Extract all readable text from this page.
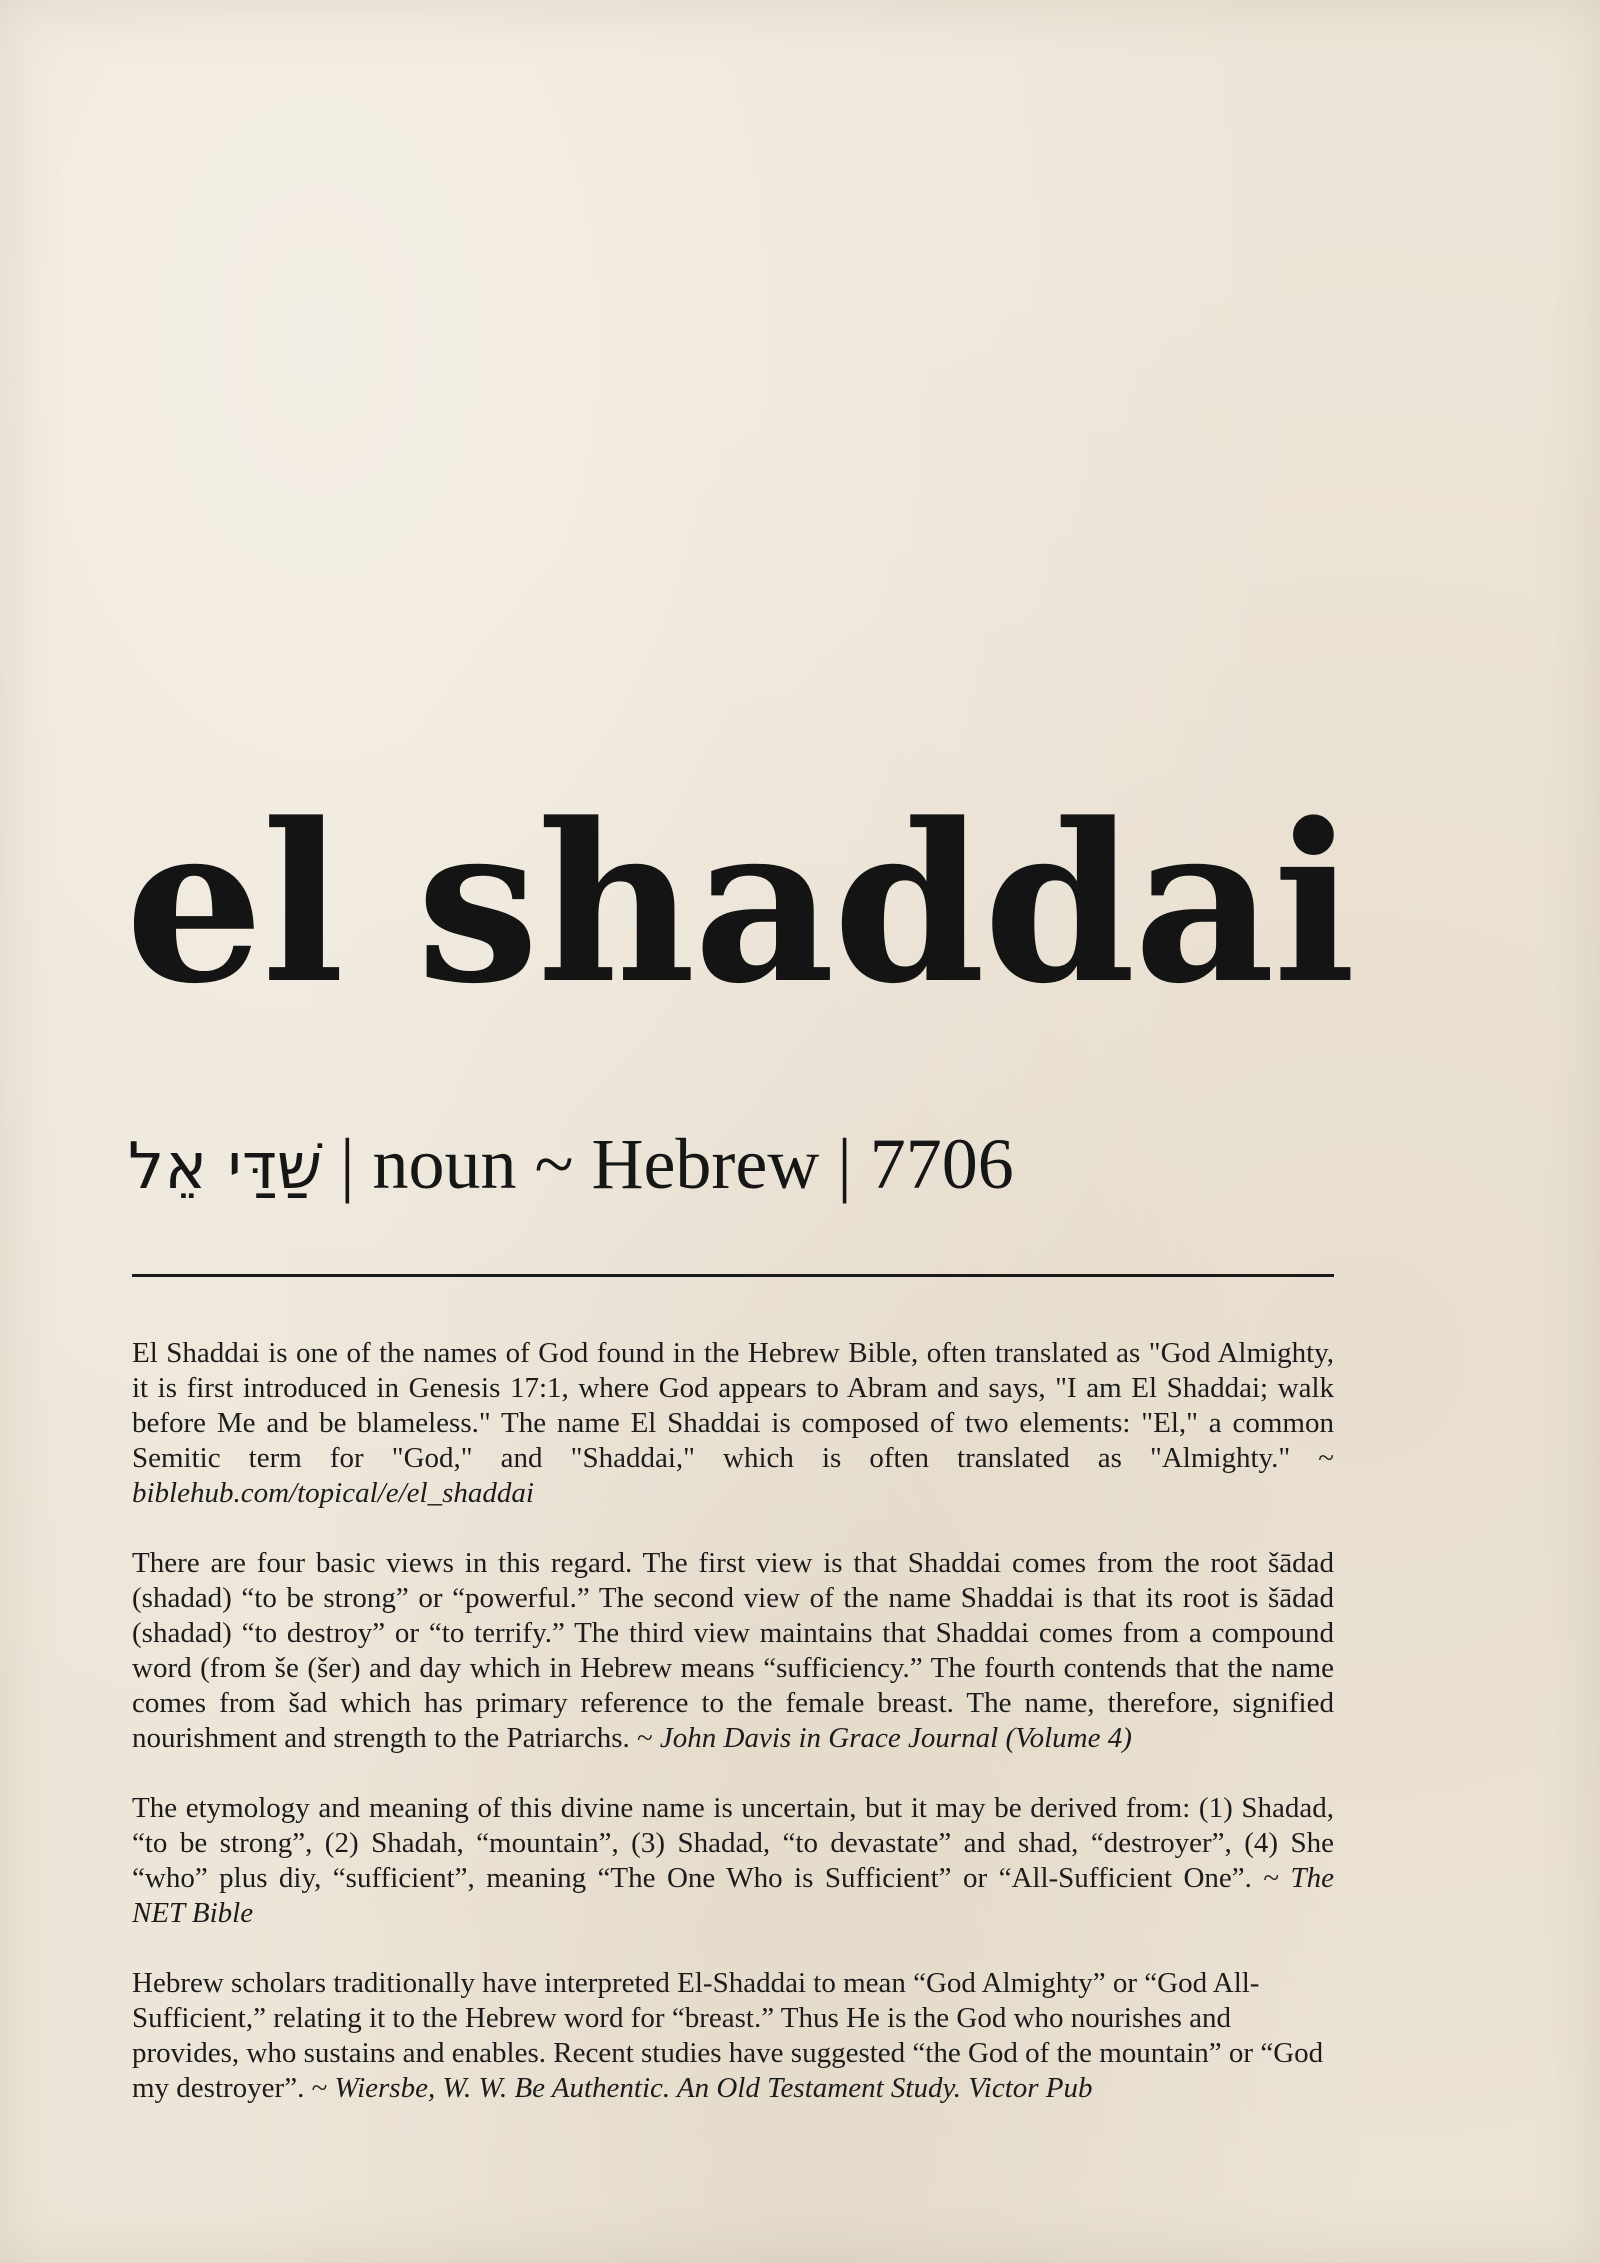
el shaddai
שַׁדַּי אֵל | noun ~ Hebrew | 7706

El Shaddai is one of the names of God found in the Hebrew Bible, often translated as "God Almighty, it is first introduced in Genesis 17:1, where God appears to Abram and says, "I am El Shaddai; walk before Me and be blameless." The name El Shaddai is composed of two elements: "El," a common Semitic term for "God," and "Shaddai," which is often translated as "Almighty." ~ biblehub.com/topical/e/el_shaddai

There are four basic views in this regard. The first view is that Shaddai comes from the root šādad (shadad) “to be strong” or “powerful.” The second view of the name Shaddai is that its root is šādad (shadad) “to destroy” or “to terrify.” The third view maintains that Shaddai comes from a compound word (from še (šer) and day which in Hebrew means “sufficiency.” The fourth contends that the name comes from šad which has primary reference to the female breast. The name, therefore, signified nourishment and strength to the Patriarchs. ~ John Davis in Grace Journal (Volume 4)

The etymology and meaning of this divine name is uncertain, but it may be derived from: (1) Shadad, “to be strong”, (2) Shadah, “mountain”, (3) Shadad, “to devastate” and shad, “destroyer”, (4) She “who” plus diy, “sufficient”, meaning “The One Who is Sufficient” or “All-Sufficient One”. ~ The NET Bible

Hebrew scholars traditionally have interpreted El-Shaddai to mean “God Almighty” or “God All-Sufficient,” relating it to the Hebrew word for “breast.” Thus He is the God who nourishes and provides, who sustains and enables. Recent studies have suggested “the God of the mountain” or “God my destroyer”. ~ Wiersbe, W. W. Be Authentic. An Old Testament Study. Victor Pub
